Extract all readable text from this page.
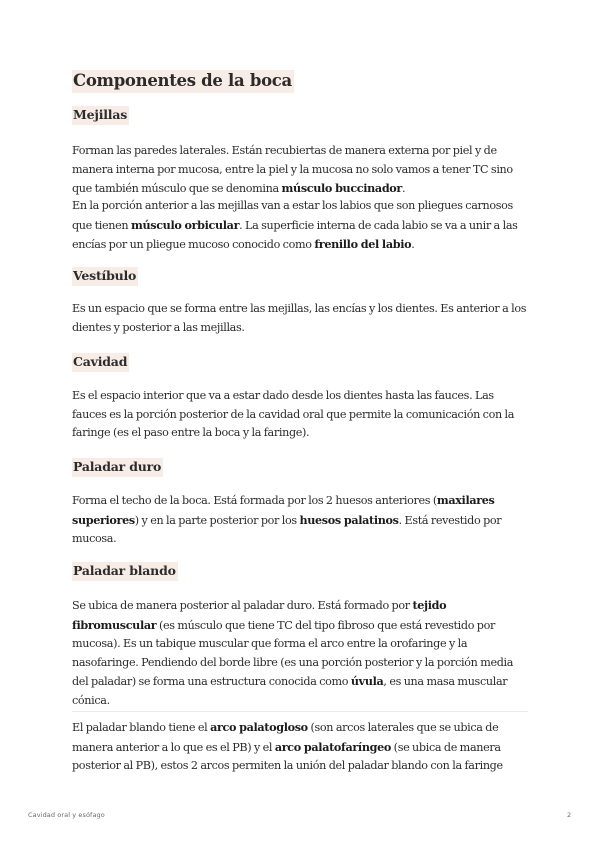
Componentes de la boca
Mejillas
Forman las paredes laterales. Están recubiertas de manera externa por piel y de manera interna por mucosa, entre la piel y la mucosa no solo vamos a tener TC sino que también músculo que se denomina músculo buccinador.
En la porción anterior a las mejillas van a estar los labios que son pliegues carnosos que tienen músculo orbicular. La superficie interna de cada labio se va a unir a las encías por un pliegue mucoso conocido como frenillo del labio.
Vestíbulo
Es un espacio que se forma entre las mejillas, las encías y los dientes. Es anterior a los dientes y posterior a las mejillas.
Cavidad
Es el espacio interior que va a estar dado desde los dientes hasta las fauces. Las fauces es la porción posterior de la cavidad oral que permite la comunicación con la faringe (es el paso entre la boca y la faringe).
Paladar duro
Forma el techo de la boca. Está formada por los 2 huesos anteriores (maxilares superiores) y en la parte posterior por los huesos palatinos. Está revestido por mucosa.
Paladar blando
Se ubica de manera posterior al paladar duro. Está formado por tejido fibromuscular (es músculo que tiene TC del tipo fibroso que está revestido por mucosa). Es un tabique muscular que forma el arco entre la orofaringe y la nasofaringe. Pendiendo del borde libre (es una porción posterior y la porción media del paladar) se forma una estructura conocida como úvula, es una masa muscular cónica.
El paladar blando tiene el arco palatogloso (son arcos laterales que se ubica de manera anterior a lo que es el PB) y el arco palatofaríngeo (se ubica de manera posterior al PB), estos 2 arcos permiten la unión del paladar blando con la faringe
Cavidad oral y esófago	2
